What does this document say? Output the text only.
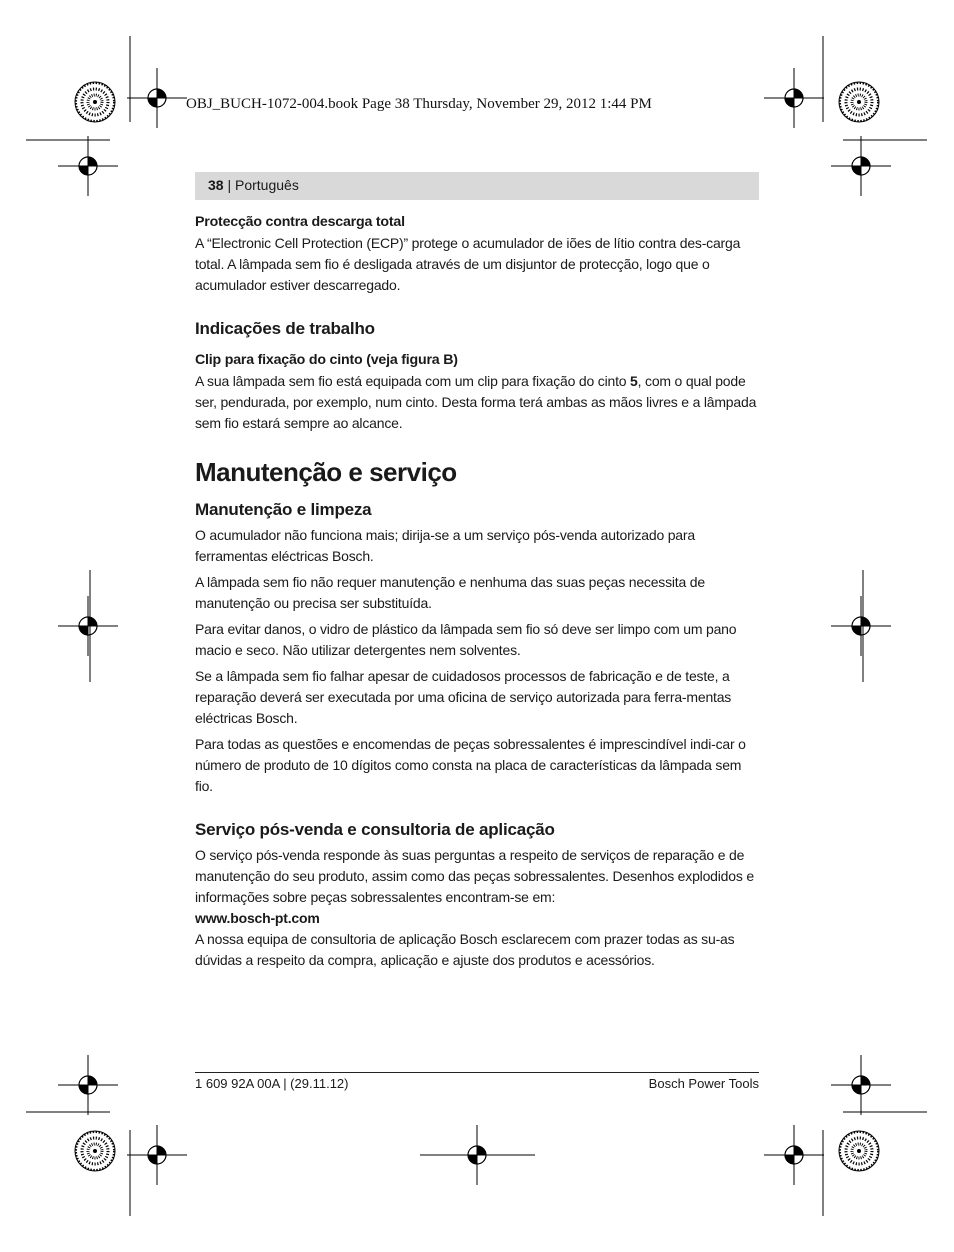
OBJ_BUCH-1072-004.book Page 38 Thursday, November 29, 2012 1:44 PM
38 | Português

Protecção contra descarga total

A “Electronic Cell Protection (ECP)” protege o acumulador de iões de lítio contra des-carga total. A lâmpada sem fio é desligada através de um disjuntor de protecção, logo que o acumulador estiver descarregado.

Indicações de trabalho

Clip para fixação do cinto (veja figura B)

A sua lâmpada sem fio está equipada com um clip para fixação do cinto 5, com o qual pode ser, pendurada, por exemplo, num cinto. Desta forma terá ambas as mãos livres e a lâmpada sem fio estará sempre ao alcance.

Manutenção e serviço

Manutenção e limpeza

O acumulador não funciona mais; dirija-se a um serviço pós-venda autorizado para ferramentas eléctricas Bosch.

A lâmpada sem fio não requer manutenção e nenhuma das suas peças necessita de manutenção ou precisa ser substituída.

Para evitar danos, o vidro de plástico da lâmpada sem fio só deve ser limpo com um pano macio e seco. Não utilizar detergentes nem solventes.

Se a lâmpada sem fio falhar apesar de cuidadosos processos de fabricação e de teste, a reparação deverá ser executada por uma oficina de serviço autorizada para ferra-mentas eléctricas Bosch.

Para todas as questões e encomendas de peças sobressalentes é imprescindível indi-car o número de produto de 10 dígitos como consta na placa de características da lâmpada sem fio.

Serviço pós-venda e consultoria de aplicação

O serviço pós-venda responde às suas perguntas a respeito de serviços de reparação e de manutenção do seu produto, assim como das peças sobressalentes. Desenhos explodidos e informações sobre peças sobressalentes encontram-se em:

www.bosch-pt.com

A nossa equipa de consultoria de aplicação Bosch esclarecem com prazer todas as su-as dúvidas a respeito da compra, aplicação e ajuste dos produtos e acessórios.

1 609 92A 00A | (29.11.12)	Bosch Power Tools
